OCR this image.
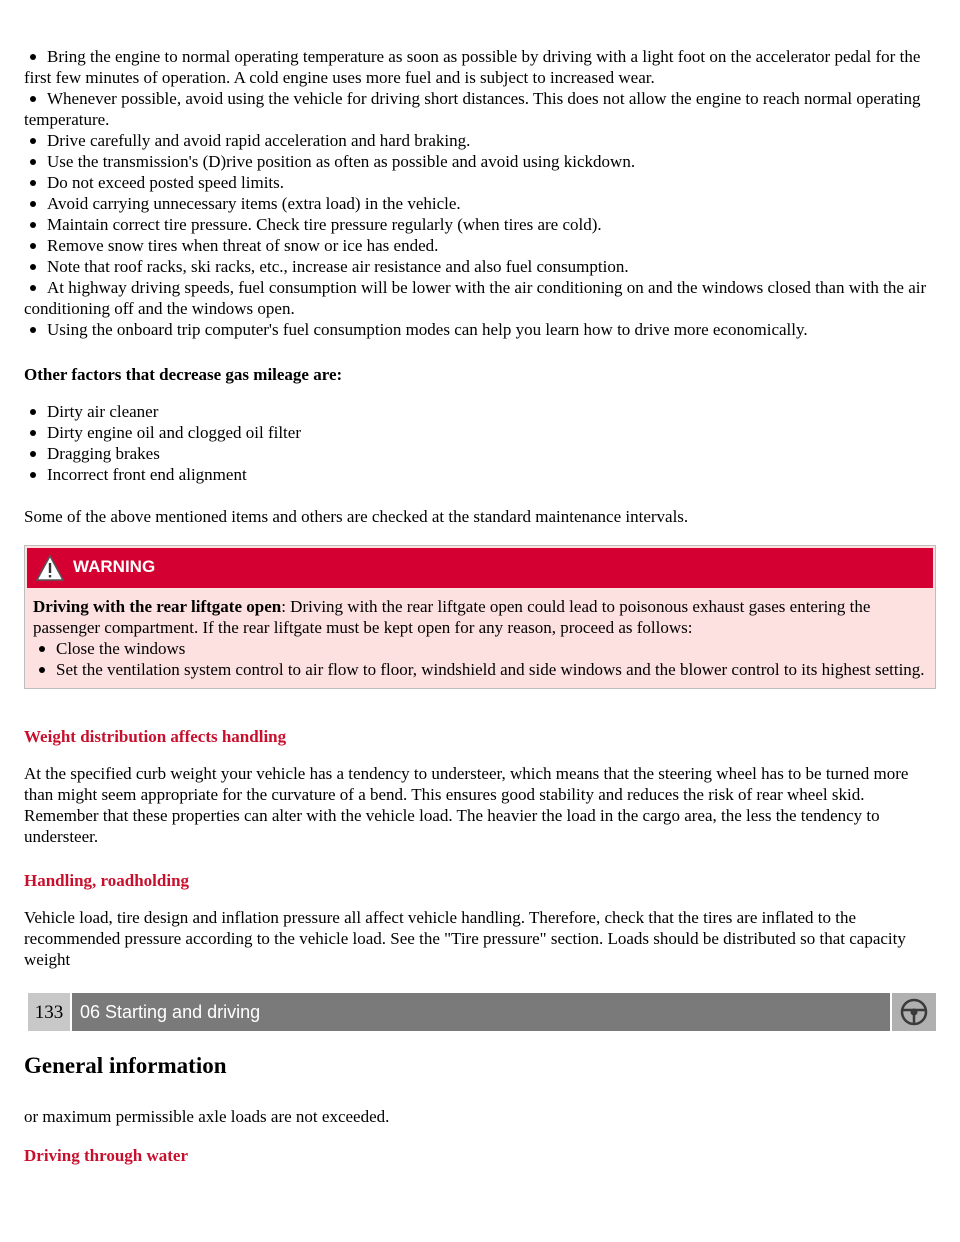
Bring the engine to normal operating temperature as soon as possible by driving with a light foot on the accelerator pedal for the first few minutes of operation. A cold engine uses more fuel and is subject to increased wear.
Whenever possible, avoid using the vehicle for driving short distances. This does not allow the engine to reach normal operating temperature.
Drive carefully and avoid rapid acceleration and hard braking.
Use the transmission's (D)rive position as often as possible and avoid using kickdown.
Do not exceed posted speed limits.
Avoid carrying unnecessary items (extra load) in the vehicle.
Maintain correct tire pressure. Check tire pressure regularly (when tires are cold).
Remove snow tires when threat of snow or ice has ended.
Note that roof racks, ski racks, etc., increase air resistance and also fuel consumption.
At highway driving speeds, fuel consumption will be lower with the air conditioning on and the windows closed than with the air conditioning off and the windows open.
Using the onboard trip computer's fuel consumption modes can help you learn how to drive more economically.
Other factors that decrease gas mileage are:
Dirty air cleaner
Dirty engine oil and clogged oil filter
Dragging brakes
Incorrect front end alignment
Some of the above mentioned items and others are checked at the standard maintenance intervals.
WARNING
Driving with the rear liftgate open: Driving with the rear liftgate open could lead to poisonous exhaust gases entering the passenger compartment. If the rear liftgate must be kept open for any reason, proceed as follows:
Close the windows
Set the ventilation system control to air flow to floor, windshield and side windows and the blower control to its highest setting.
Weight distribution affects handling
At the specified curb weight your vehicle has a tendency to understeer, which means that the steering wheel has to be turned more than might seem appropriate for the curvature of a bend. This ensures good stability and reduces the risk of rear wheel skid. Remember that these properties can alter with the vehicle load. The heavier the load in the cargo area, the less the tendency to understeer.
Handling, roadholding
Vehicle load, tire design and inflation pressure all affect vehicle handling. Therefore, check that the tires are inflated to the recommended pressure according to the vehicle load. See the "Tire pressure" section. Loads should be distributed so that capacity weight
133 06 Starting and driving
General information
or maximum permissible axle loads are not exceeded.
Driving through water
